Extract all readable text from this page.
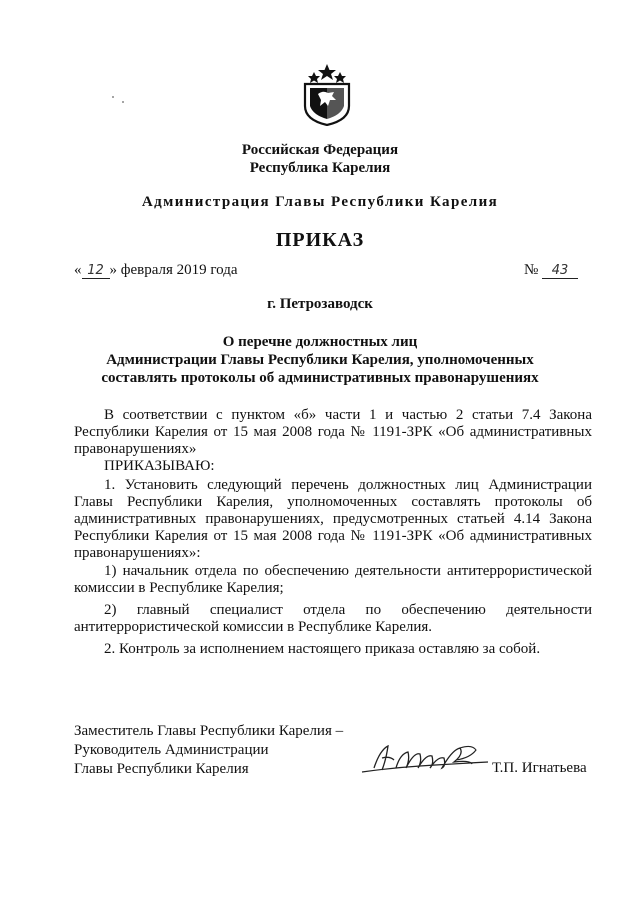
Российская Федерация
Республика Карелия
Администрация Главы Республики Карелия
ПРИКАЗ
« 12 » февраля 2019 года	№ 43
г. Петрозаводск
О перечне должностных лиц
Администрации Главы Республики Карелия, уполномоченных
составлять протоколы об административных правонарушениях
В соответствии с пунктом «б» части 1 и частью 2 статьи 7.4 Закона Республики Карелия от 15 мая 2008 года № 1191-ЗРК «Об административных правонарушениях»
ПРИКАЗЫВАЮ:
1. Установить следующий перечень должностных лиц Администрации Главы Республики Карелия, уполномоченных составлять протоколы об административных правонарушениях, предусмотренных статьей 4.14 Закона Республики Карелия от 15 мая 2008 года № 1191-ЗРК «Об административных правонарушениях»:
1) начальник отдела по обеспечению деятельности антитеррористической комиссии в Республике Карелия;
2) главный специалист отдела по обеспечению деятельности антитеррористической комиссии в Республике Карелия.
2. Контроль за исполнением настоящего приказа оставляю за собой.
Заместитель Главы Республики Карелия –
Руководитель Администрации
Главы Республики Карелия	Т.П. Игнатьева
